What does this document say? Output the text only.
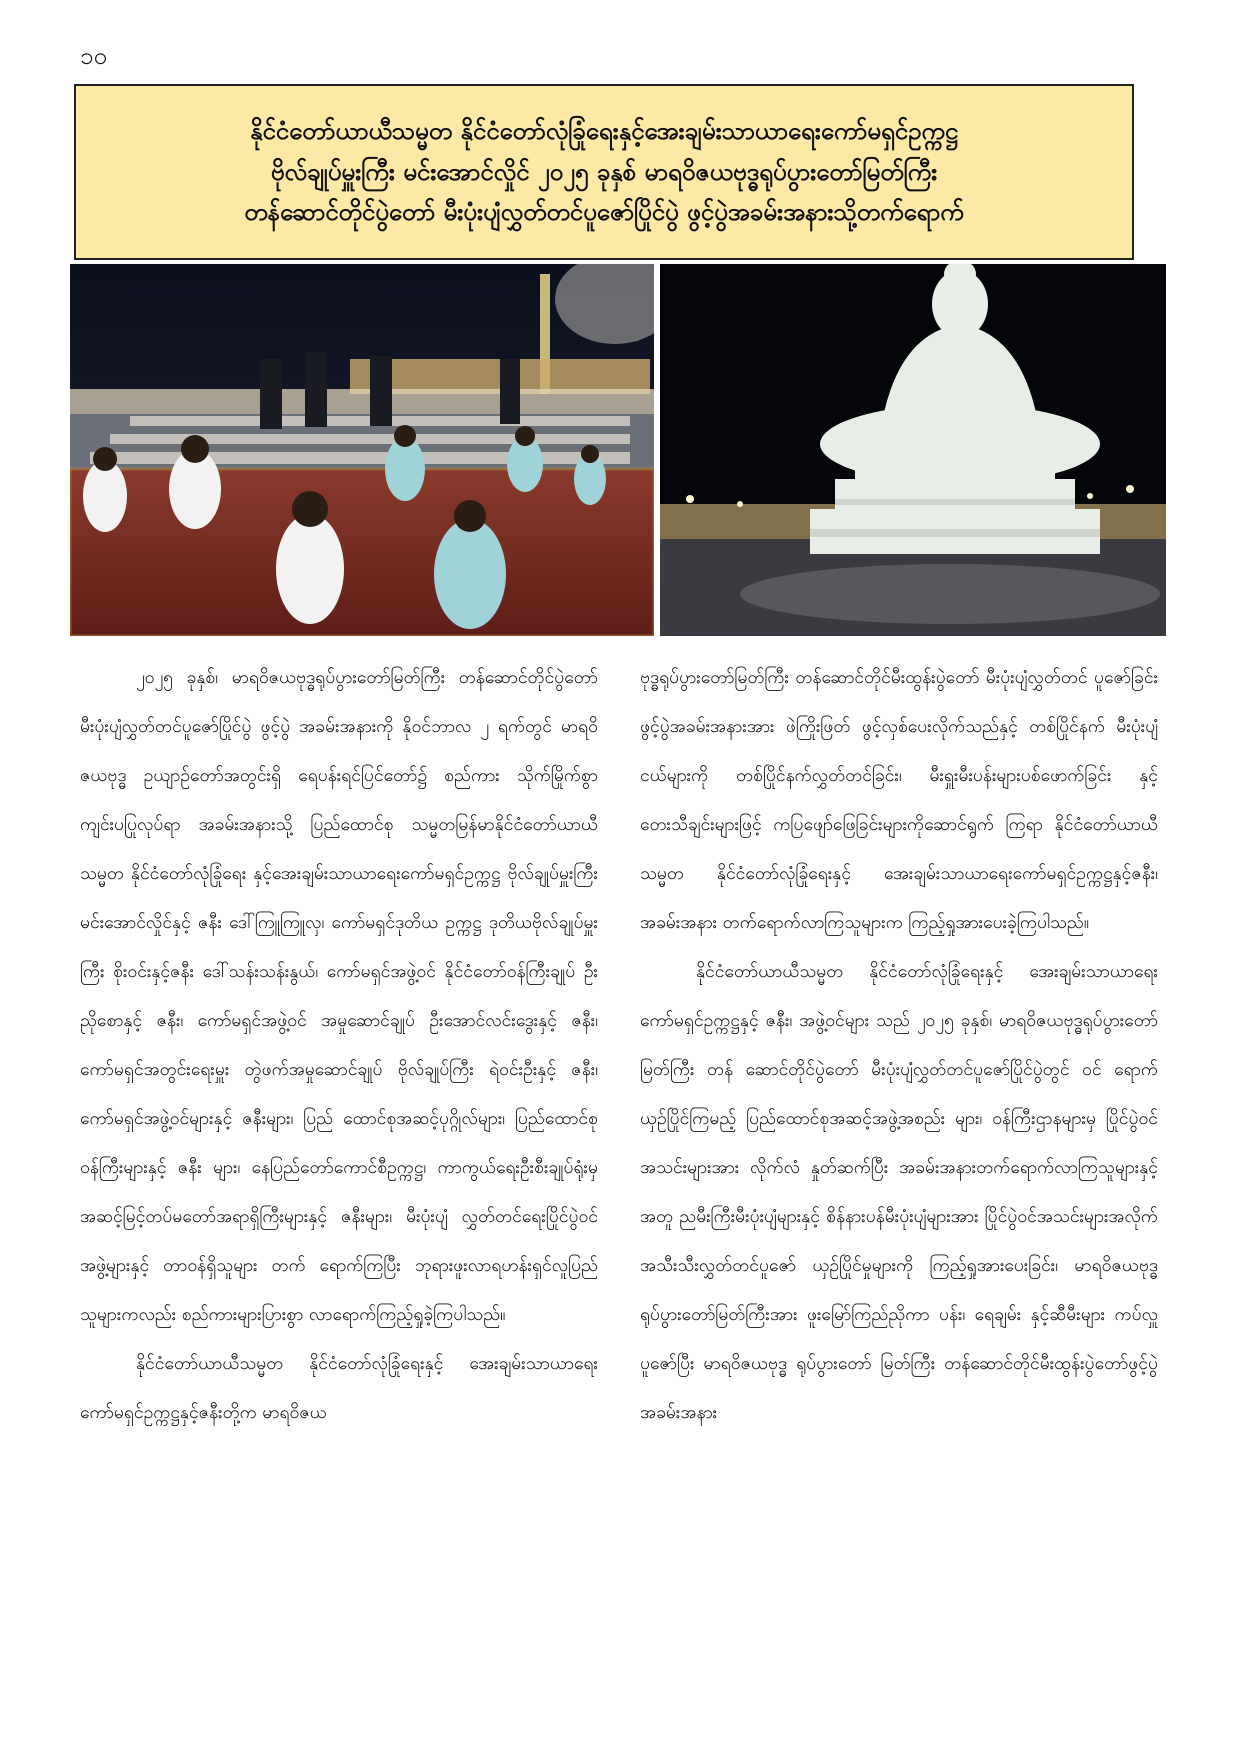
၁၀
နိုင်ငံတော်ယာယီသမ္မတ နိုင်ငံတော်လုံခြုံရေးနှင့်အေးချမ်းသာယာရေးကော်မရှင်ဥက္ကဋ္ဌ
ဗိုလ်ချုပ်မှူးကြီး မင်းအောင်လှိုင် ၂၀၂၅ ခုနှစ် မာရဝိဇယဗုဒ္ဓရုပ်ပွားတော်မြတ်ကြီး
တန်ဆောင်တိုင်ပွဲတော် မီးပုံးပျံလွှတ်တင်ပူဇော်ပြိုင်ပွဲ ဖွင့်ပွဲအခမ်းအနားသို့တက်ရောက်

၂၀၂၅ ခုနှစ်၊ မာရဝိဇယဗုဒ္ဓရုပ်ပွားတော်မြတ်ကြီး တန်ဆောင်တိုင်ပွဲတော် မီးပုံးပျံလွှတ်တင်ပူဇော်ပြိုင်ပွဲ ဖွင့်ပွဲ အခမ်းအနားကို နိုဝင်ဘာလ ၂ ရက်တွင် မာရဝိဇယဗုဒ္ဓ ဥယျာဉ်တော်အတွင်းရှိ ရေပန်းရင်ပြင်တော်၌ စည်ကား သိုက်မြိုက်စွာ ကျင်းပပြုလုပ်ရာ အခမ်းအနားသို့ ပြည်ထောင်စု သမ္မတမြန်မာနိုင်ငံတော်ယာယီသမ္မတ နိုင်ငံတော်လုံခြုံရေး နှင့်အေးချမ်းသာယာရေးကော်မရှင်ဥက္ကဋ္ဌ ဗိုလ်ချုပ်မှူးကြီး မင်းအောင်လှိုင်နှင့် ဇနီး ဒေါ်ကြူကြူလှ၊ ကော်မရှင်ဒုတိယ ဥက္ကဋ္ဌ ဒုတိယဗိုလ်ချုပ်မှူးကြီး စိုးဝင်းနှင့်ဇနီး ဒေါ်သန်းသန်းနွယ်၊ ကော်မရှင်အဖွဲ့ဝင် နိုင်ငံတော်ဝန်ကြီးချုပ် ဦးညိုစောနှင့် ဇနီး၊ ကော်မရှင်အဖွဲ့ဝင် အမှုဆောင်ချုပ် ဦးအောင်လင်းဒွေးနှင့် ဇနီး၊ ကော်မရှင်အတွင်းရေးမှူး တွဲဖက်အမှုဆောင်ချုပ် ဗိုလ်ချုပ်ကြီး ရဲဝင်းဦးနှင့် ဇနီး၊ ကော်မရှင်အဖွဲ့ဝင်များနှင့် ဇနီးများ၊ ပြည် ထောင်စုအဆင့်ပုဂ္ဂိုလ်များ၊ ပြည်ထောင်စုဝန်ကြီးများနှင့် ဇနီး များ၊ နေပြည်တော်ကောင်စီဥက္ကဋ္ဌ၊ ကာကွယ်ရေးဦးစီးချုပ်ရုံးမှ အဆင့်မြင့်တပ်မတော်အရာရှိကြီးများနှင့် ဇနီးများ၊ မီးပုံးပျံ လွှတ်တင်ရေးပြိုင်ပွဲဝင်အဖွဲ့များနှင့် တာဝန်ရှိသူများ တက် ရောက်ကြပြီး ဘုရားဖူးလာရဟန်းရှင်လူပြည်သူများကလည်း စည်ကားများပြားစွာ လာရောက်ကြည့်ရှုခဲ့ကြပါသည်။

နိုင်ငံတော်ယာယီသမ္မတ နိုင်ငံတော်လုံခြုံရေးနှင့် အေးချမ်းသာယာရေးကော်မရှင်ဥက္ကဋ္ဌနှင့်ဇနီးတို့က မာရဝိဇယ

ဗုဒ္ဓရုပ်ပွားတော်မြတ်ကြီး တန်ဆောင်တိုင်မီးထွန်းပွဲတော် မီးပုံးပျံလွှတ်တင် ပူဇော်ခြင်းဖွင့်ပွဲအခမ်းအနားအား ဖဲကြိုးဖြတ် ဖွင့်လှစ်ပေးလိုက်သည်နှင့် တစ်ပြိုင်နက် မီးပုံးပျံငယ်များကို တစ်ပြိုင်နက်လွှတ်တင်ခြင်း၊ မီးရှူးမီးပန်းများပစ်ဖောက်ခြင်း နှင့် တေးသီချင်းများဖြင့် ကပြဖျော်ဖြေခြင်းများကိုဆောင်ရွက် ကြရာ နိုင်ငံတော်ယာယီသမ္မတ နိုင်ငံတော်လုံခြုံရေးနှင့် အေးချမ်းသာယာရေးကော်မရှင်ဥက္ကဋ္ဌနှင့်ဇနီး၊ အခမ်းအနား တက်ရောက်လာကြသူများက ကြည့်ရှုအားပေးခဲ့ကြပါသည်။

နိုင်ငံတော်ယာယီသမ္မတ နိုင်ငံတော်လုံခြုံရေးနှင့် အေးချမ်းသာယာရေးကော်မရှင်ဥက္ကဋ္ဌနှင့် ဇနီး၊ အဖွဲ့ဝင်များ သည် ၂၀၂၅ ခုနှစ်၊ မာရဝိဇယဗုဒ္ဓရုပ်ပွားတော်မြတ်ကြီး တန် ဆောင်တိုင်ပွဲတော် မီးပုံးပျံလွှတ်တင်ပူဇော်ပြိုင်ပွဲတွင် ဝင် ရောက်ယှဉ်ပြိုင်ကြမည့် ပြည်ထောင်စုအဆင့်အဖွဲ့အစည်း များ၊ ဝန်ကြီးဌာနများမှ ပြိုင်ပွဲဝင်အသင်းများအား လိုက်လံ နှုတ်ဆက်ပြီး အခမ်းအနားတက်ရောက်လာကြသူများနှင့် အတူ ညမီးကြီးမီးပုံးပျံများနှင့် စိန်နားပန်မီးပုံးပျံများအား ပြိုင်ပွဲဝင်အသင်းများအလိုက် အသီးသီးလွှတ်တင်ပူဇော် ယှဉ်ပြိုင်မှုများကို ကြည့်ရှုအားပေးခြင်း၊ မာရဝိဇယဗုဒ္ဓ ရုပ်ပွားတော်မြတ်ကြီးအား ဖူးမြော်ကြည်ညိုကာ ပန်း၊ ရေချမ်း နှင့်ဆီမီးများ ကပ်လှူပူဇော်ပြီး မာရဝိဇယဗုဒ္ဓ ရုပ်ပွားတော် မြတ်ကြီး တန်ဆောင်တိုင်မီးထွန်းပွဲတော်ဖွင့်ပွဲအခမ်းအနား
